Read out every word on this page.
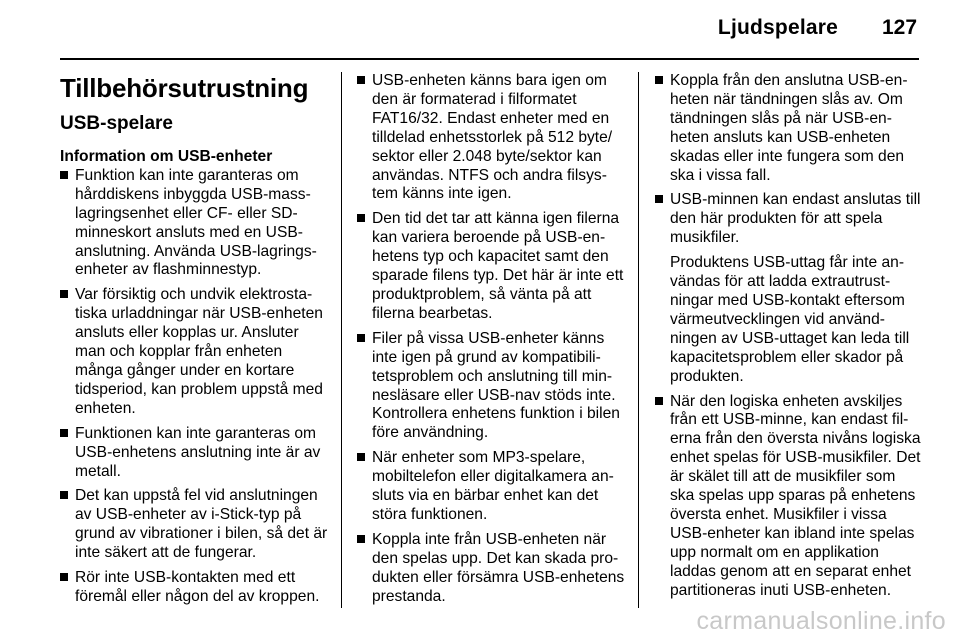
Ljudspelare 127
Tillbehörsutrustning
USB-spelare
Information om USB-enheter
Funktion kan inte garanteras om hårddiskens inbyggda USB-masslagringsenhet eller CF- eller SD-minneskort ansluts med en USB-anslutning. Använda USB-lagringsenheter av flashminnestyp.
Var försiktig och undvik elektrostatiska urladdningar när USB-enheten ansluts eller kopplas ur. Ansluter man och kopplar från enheten många gånger under en kortare tidsperiod, kan problem uppstå med enheten.
Funktionen kan inte garanteras om USB-enhetens anslutning inte är av metall.
Det kan uppstå fel vid anslutningen av USB-enheter av i-Stick-typ på grund av vibrationer i bilen, så det är inte säkert att de fungerar.
Rör inte USB-kontakten med ett föremål eller någon del av kroppen.
USB-enheten känns bara igen om den är formaterad i filformatet FAT16/32. Endast enheter med en tilldelad enhetsstorlek på 512 byte/ sektor eller 2.048 byte/sektor kan användas. NTFS och andra filsystem känns inte igen.
Den tid det tar att känna igen filerna kan variera beroende på USB-enhetens typ och kapacitet samt den sparade filens typ. Det här är inte ett produktproblem, så vänta på att filerna bearbetas.
Filer på vissa USB-enheter känns inte igen på grund av kompatibilitetsproblem och anslutning till minnesläsare eller USB-nav stöds inte. Kontrollera enhetens funktion i bilen före användning.
När enheter som MP3-spelare, mobiltelefon eller digitalkamera ansluts via en bärbar enhet kan det störa funktionen.
Koppla inte från USB-enheten när den spelas upp. Det kan skada produkten eller försämra USB-enhetens prestanda.
Koppla från den anslutna USB-enheten när tändningen slås av. Om tändningen slås på när USB-enheten ansluts kan USB-enheten skadas eller inte fungera som den ska i vissa fall.
USB-minnen kan endast anslutas till den här produkten för att spela musikfiler.
Produktens USB-uttag får inte användas för att ladda extrautrustningar med USB-kontakt eftersom värmeutvecklingen vid användningen av USB-uttaget kan leda till kapacitetsproblem eller skador på produkten.
När den logiska enheten avskiljes från ett USB-minne, kan endast filerna från den översta nivåns logiska enhet spelas för USB-musikfiler. Det är skälet till att de musikfiler som ska spelas upp sparas på enhetens översta enhet. Musikfiler i vissa USB-enheter kan ibland inte spelas upp normalt om en applikation laddas genom att en separat enhet partitioneras inuti USB-enheten.
carmanualsonline.info
